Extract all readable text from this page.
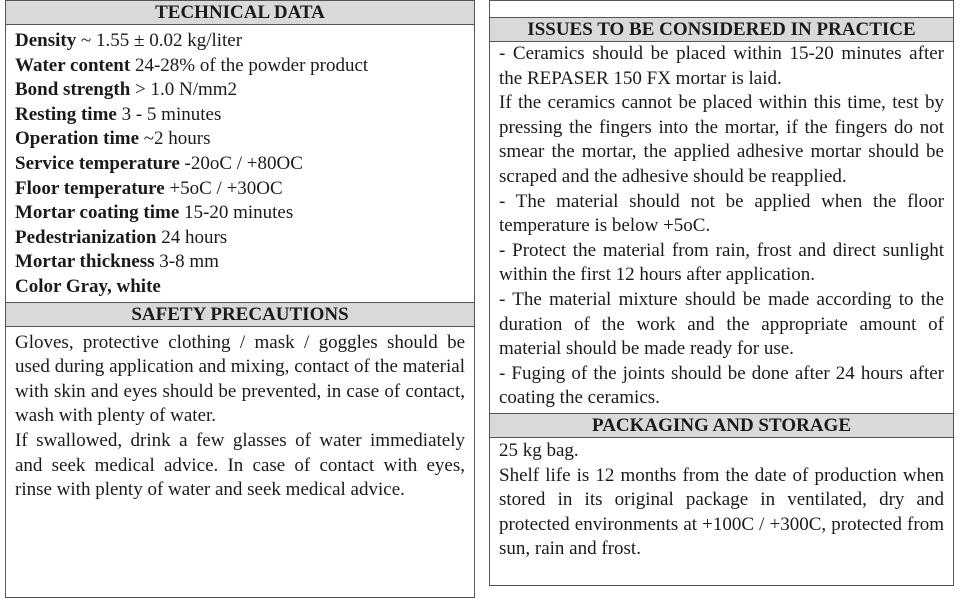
TECHNICAL DATA
Density ~ 1.55 ± 0.02 kg/liter
Water content 24-28% of the powder product
Bond strength > 1.0 N/mm2
Resting time 3 - 5 minutes
Operation time ~2 hours
Service temperature -20oC / +80OC
Floor temperature +5oC / +30OC
Mortar coating time 15-20 minutes
Pedestrianization 24 hours
Mortar thickness 3-8 mm
Color Gray, white
SAFETY PRECAUTIONS

Gloves, protective clothing / mask / goggles should be used during application and mixing, contact of the material with skin and eyes should be prevented, in case of contact, wash with plenty of water.

If swallowed, drink a few glasses of water immediately and seek medical advice. In case of contact with eyes, rinse with plenty of water and seek medical advice.

ISSUES TO BE CONSIDERED IN PRACTICE

- Ceramics should be placed within 15-20 minutes after the REPASER 150 FX mortar is laid.

If the ceramics cannot be placed within this time, test by pressing the fingers into the mortar, if the fingers do not smear the mortar, the applied adhesive mortar should be scraped and the adhesive should be reapplied.

- The material should not be applied when the floor temperature is below +5oC.

- Protect the material from rain, frost and direct sunlight within the first 12 hours after application.

- The material mixture should be made according to the duration of the work and the appropriate amount of material should be made ready for use.

- Fuging of the joints should be done after 24 hours after coating the ceramics.

PACKAGING AND STORAGE

25 kg bag.

Shelf life is 12 months from the date of production when stored in its original package in ventilated, dry and protected environments at +100C / +300C, protected from sun, rain and frost.
